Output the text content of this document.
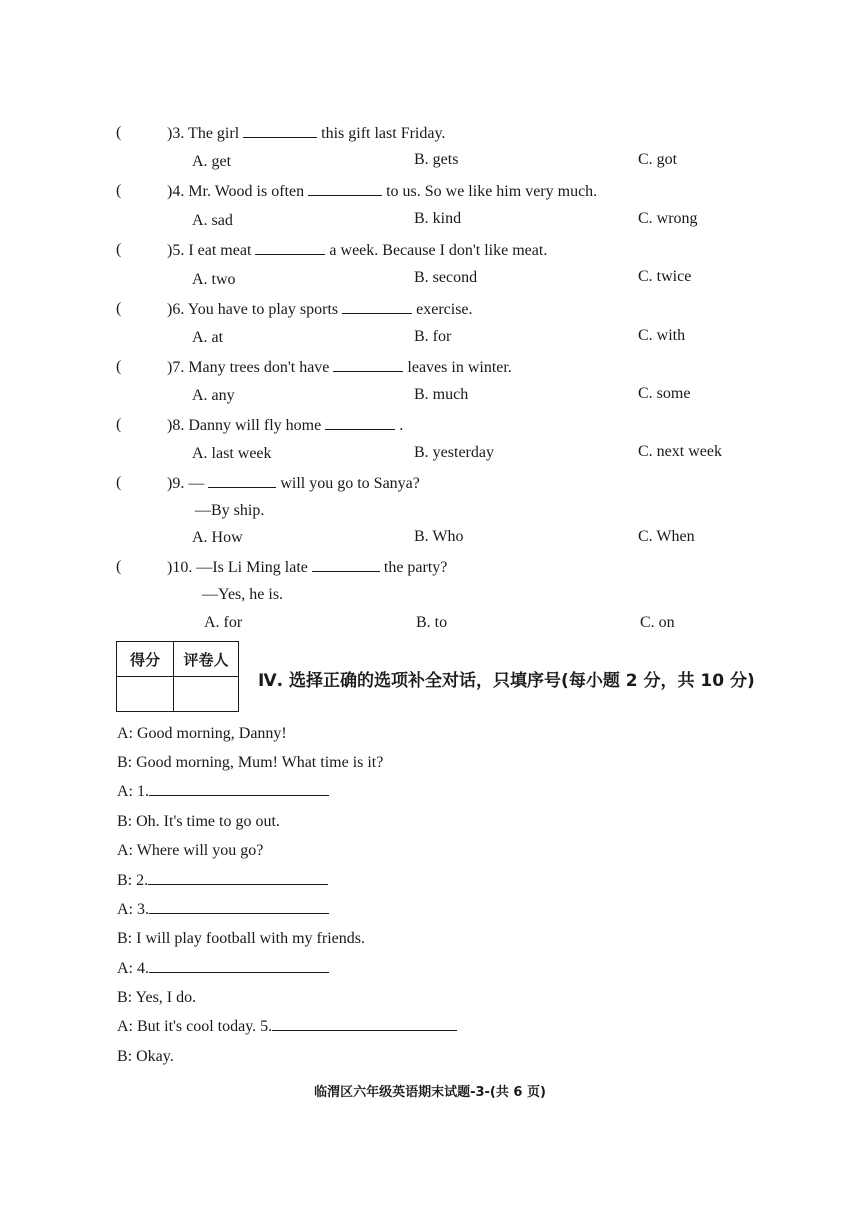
(	)3. The girl	this gift last Friday.
A. get	B. gets	C. got
(	)4. Mr. Wood is often	to us. So we like him very much.
A. sad	B. kind	C. wrong
(	)5. I eat meat	a week. Because I don't like meat.
A. two	B. second	C. twice
(	)6. You have to play sports	exercise.
A. at	B. for	C. with
(	)7. Many trees don't have	leaves in winter.
A. any	B. much	C. some
(	)8. Danny will fly home	.
A. last week	B. yesterday	C. next week
(	)9. —	will you go to Sanya?
—By ship.
A. How	B. Who	C. When
(	)10. —Is Li Ming late	the party?
—Yes, he is.
A. for	B. to	C. on
得分	评卷人

Ⅳ. 选择正确的选项补全对话，只填序号(每小题 2 分，共 10 分)
A: Good morning, Danny!
B: Good morning, Mum! What time is it?
A: 1.
B: Oh. It's time to go out.
A: Where will you go?
B: 2.
A: 3.
B: I will play football with my friends.
A: 4.
B: Yes, I do.
A: But it's cool today. 5.
B: Okay.
临渭区六年级英语期末试题-3-(共 6 页)
